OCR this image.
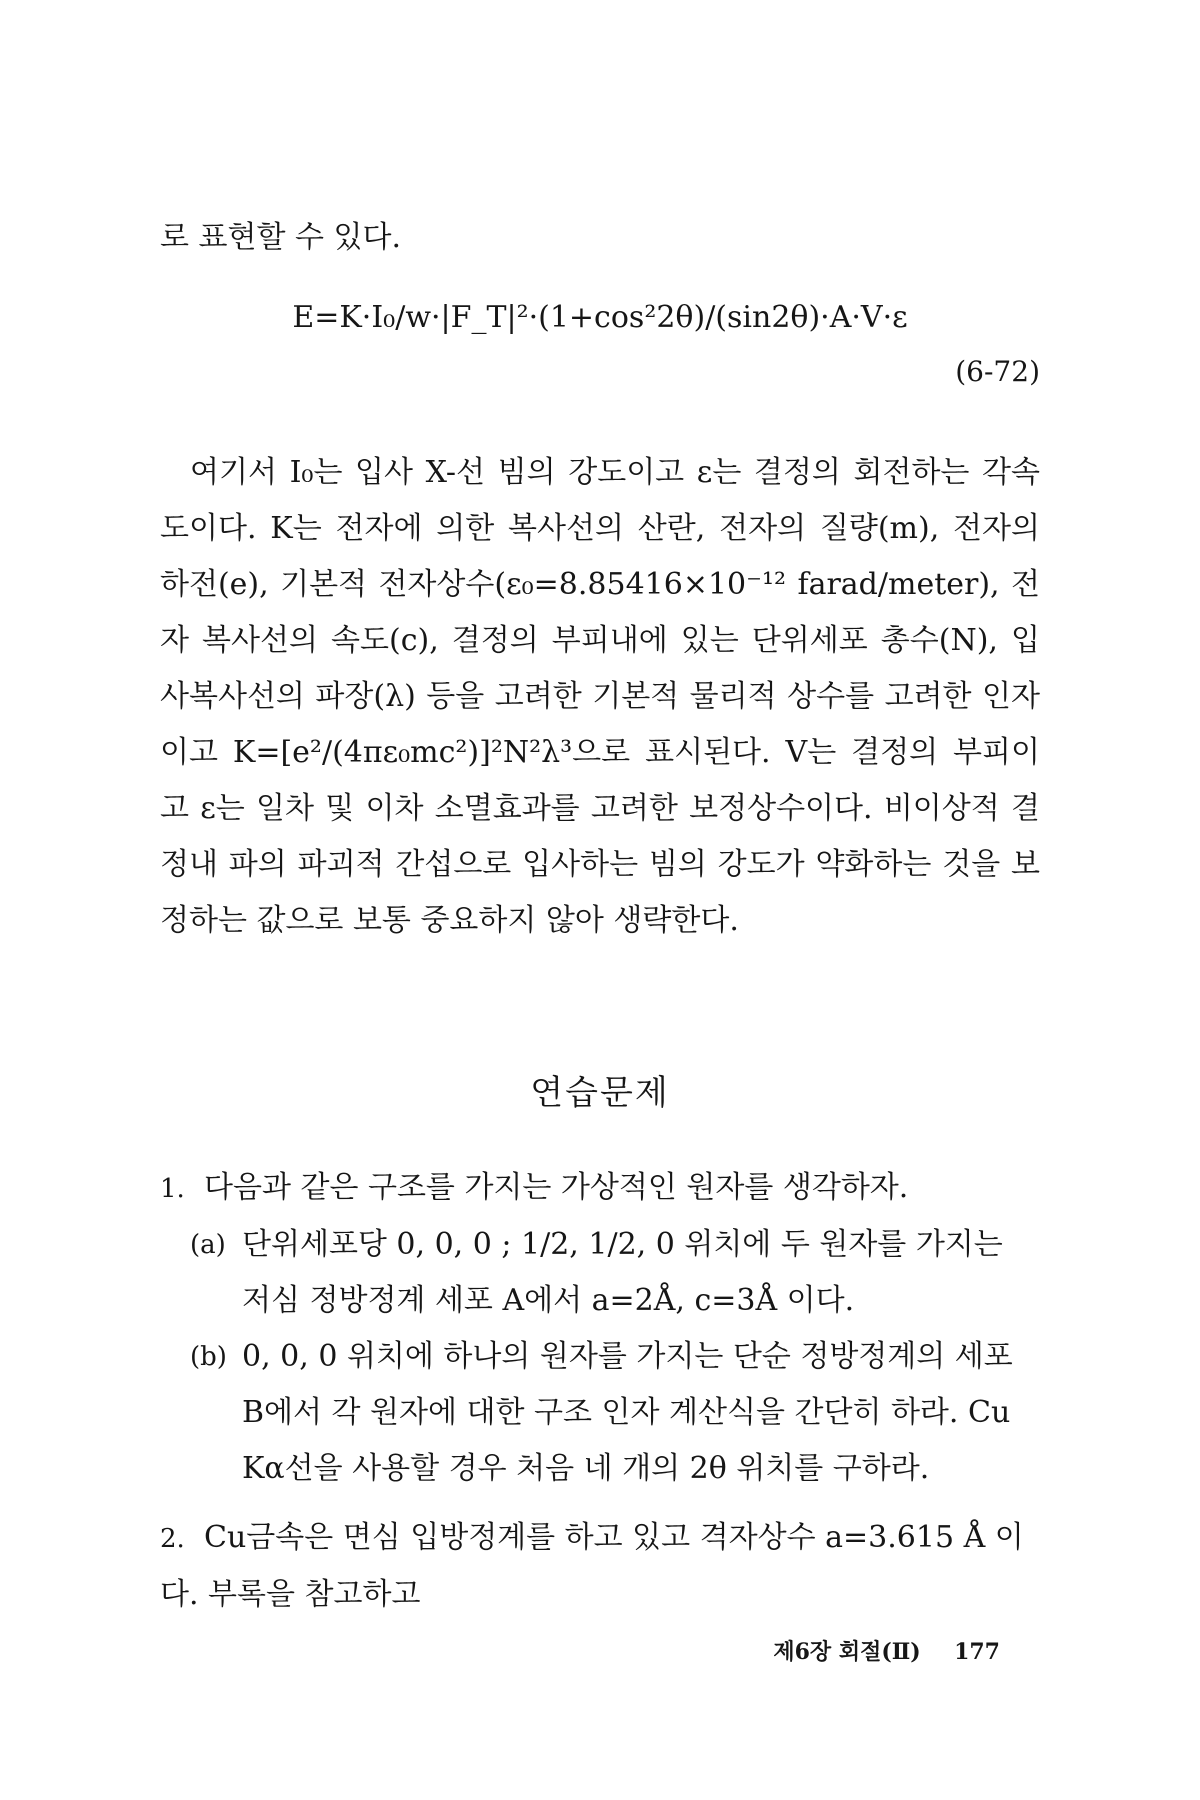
로 표현할 수 있다.
E=K·I₀/w·|F_T|²·(1+cos²2θ)/(sin2θ)·A·V·ε
(6-72)
여기서 I₀는 입사 X-선 빔의 강도이고 ε는 결정의 회전하는 각속도이다. K는 전자에 의한 복사선의 산란, 전자의 질량(m), 전자의 하전(e), 기본적 전자상수(ε₀=8.85416×10⁻¹² farad/meter), 전자 복사선의 속도(c), 결정의 부피내에 있는 단위세포 총수(N), 입사복사선의 파장(λ) 등을 고려한 기본적 물리적 상수를 고려한 인자이고 K=[e²/(4πε₀mc²)]²N²λ³으로 표시된다. V는 결정의 부피이고 ε는 일차 및 이차 소멸효과를 고려한 보정상수이다. 비이상적 결정내 파의 파괴적 간섭으로 입사하는 빔의 강도가 약화하는 것을 보정하는 값으로 보통 중요하지 않아 생략한다.
연습문제
1. 다음과 같은 구조를 가지는 가상적인 원자를 생각하자.
(a) 단위세포당 0, 0, 0 ; 1/2, 1/2, 0 위치에 두 원자를 가지는 저심 정방정계 세포 A에서 a=2Å, c=3Å 이다.
(b) 0, 0, 0 위치에 하나의 원자를 가지는 단순 정방정계의 세포 B에서 각 원자에 대한 구조 인자 계산식을 간단히 하라. Cu Kα선을 사용할 경우 처음 네 개의 2θ 위치를 구하라.
2. Cu금속은 면심 입방정계를 하고 있고 격자상수 a=3.615 Å 이다. 부록을 참고하고
제6장 회절(Ⅱ) 177
